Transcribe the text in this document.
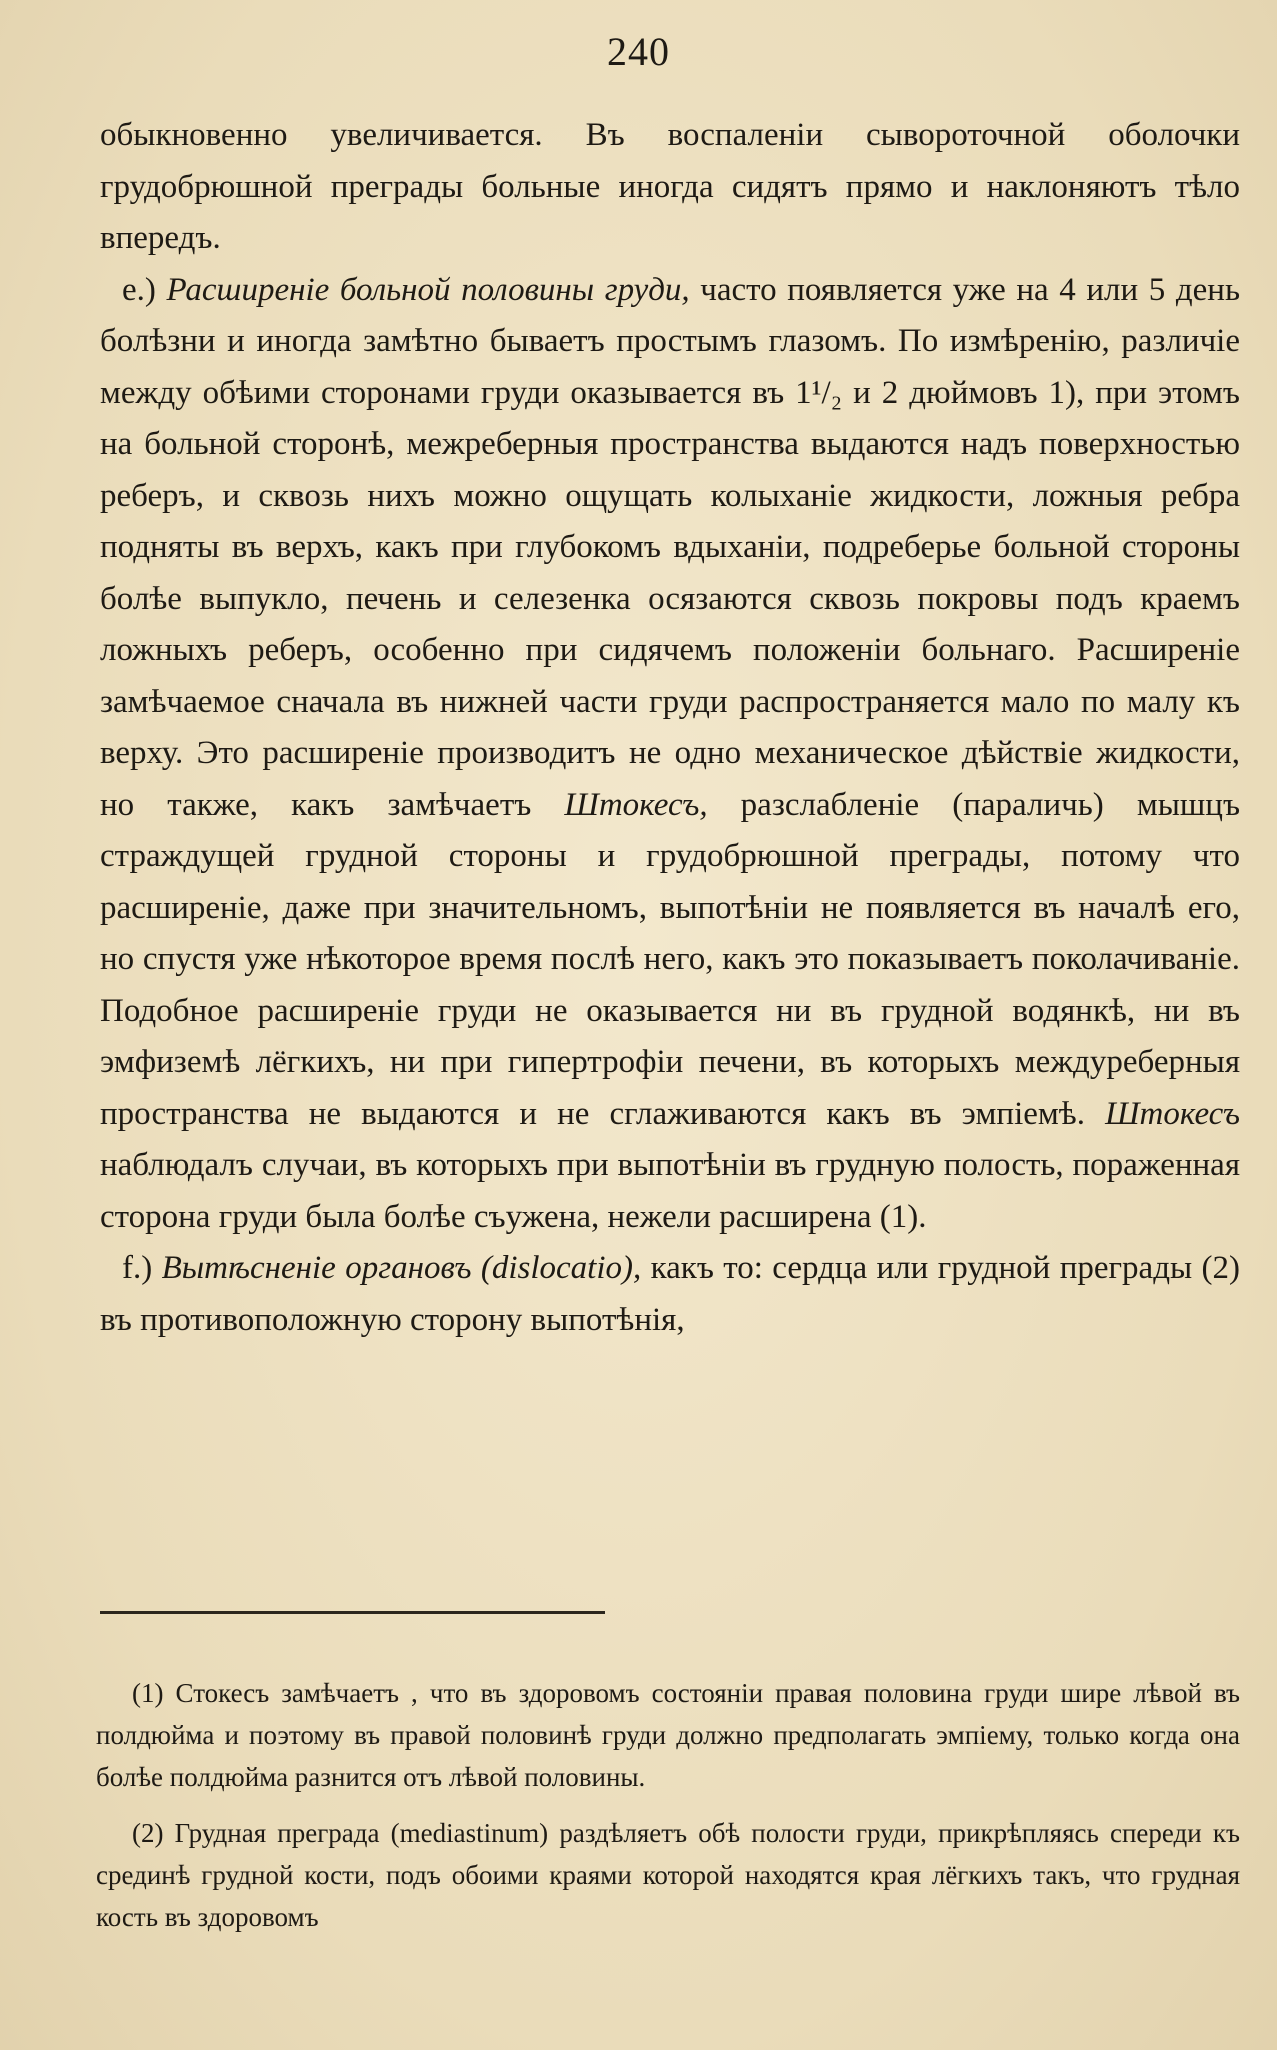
240

обыкновенно увеличивается. Въ воспаленіи сывороточной оболочки грудобрюшной преграды больные иногда сидятъ прямо и наклоняютъ тѣло впередъ.

e.) Расширеніе больной половины груди, часто появляется уже на 4 или 5 день болѣзни и иногда замѣтно бываетъ простымъ глазомъ. По измѣренію, различіе между обѣими сторонами груди оказывается въ 1¹/₂ и 2 дюймовъ 1), при этомъ на больной сторонѣ, межреберныя пространства выдаются надъ поверхностью реберъ, и сквозь нихъ можно ощущать колыханіе жидкости, ложныя ребра подняты въ верхъ, какъ при глубокомъ вдыханіи, подреберье больной стороны болѣе выпукло, печень и селезенка осязаются сквозь покровы подъ краемъ ложныхъ реберъ, особенно при сидячемъ положеніи больнаго. Расширеніе замѣчаемое сначала въ нижней части груди распространяется мало по малу къ верху. Это расширеніе производитъ не одно механическое дѣйствіе жидкости, но также, какъ замѣчаетъ Штокесъ, разслабленіе (параличь) мышцъ страждущей грудной стороны и грудобрюшной преграды, потому что расширеніе, даже при значительномъ, выпотѣніи не появляется въ началѣ его, но спустя уже нѣкоторое время послѣ него, какъ это показываетъ поколачиваніе. Подобное расширеніе груди не оказывается ни въ грудной водянкѣ, ни въ эмфиземѣ лёгкихъ, ни при гипертрофіи печени, въ которыхъ междуреберныя пространства не выдаются и не сглаживаются какъ въ эмпіемѣ. Штокесъ наблюдалъ случаи, въ которыхъ при выпотѣніи въ грудную полость, пораженная сторона груди была болѣе съужена, нежели расширена (1).

f.) Вытѣсненіе органовъ (dislocatio), какъ то: сердца или грудной преграды (2) въ противоположную сторону выпотѣнія,

(1) Стокесъ замѣчаетъ , что въ здоровомъ состояніи правая половина груди шире лѣвой въ полдюйма и поэтому въ правой половинѣ груди должно предполагать эмпіему, только когда она болѣе полдюйма разнится отъ лѣвой половины.

(2) Грудная преграда (mediastinum) раздѣляетъ обѣ полости груди, прикрѣпляясь спереди къ срединѣ грудной кости, подъ обоими краями которой находятся края лёгкихъ такъ, что грудная кость въ здоровомъ
